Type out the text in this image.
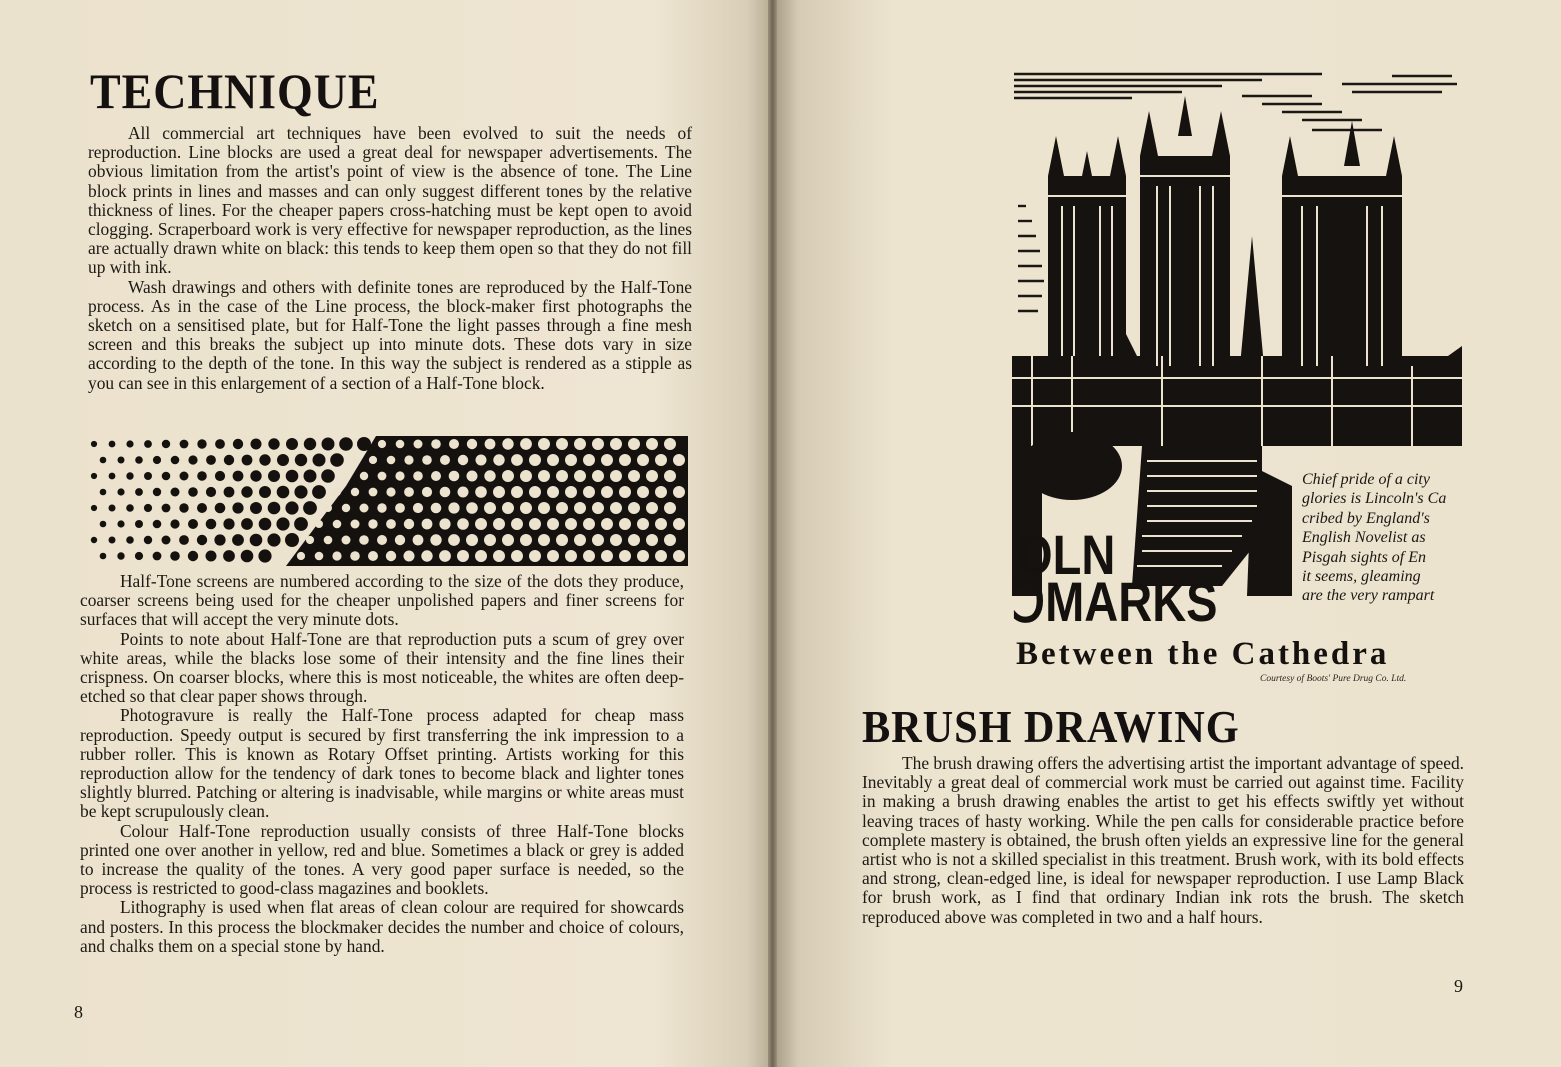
TECHNIQUE

All commercial art techniques have been evolved to suit the needs of reproduction. Line blocks are used a great deal for newspaper advertisements. The obvious limitation from the artist's point of view is the absence of tone. The Line block prints in lines and masses and can only suggest different tones by the relative thickness of lines. For the cheaper papers cross-hatching must be kept open to avoid clogging. Scraperboard work is very effective for newspaper reproduction, as the lines are actually drawn white on black: this tends to keep them open so that they do not fill up with ink.

Wash drawings and others with definite tones are reproduced by the Half-Tone process. As in the case of the Line process, the block-maker first photographs the sketch on a sensitised plate, but for Half-Tone the light passes through a fine mesh screen and this breaks the subject up into minute dots. These dots vary in size according to the depth of the tone. In this way the subject is rendered as a stipple as you can see in this enlargement of a section of a Half-Tone block.

Half-Tone screens are numbered according to the size of the dots they produce, coarser screens being used for the cheaper unpolished papers and finer screens for surfaces that will accept the very minute dots.

Points to note about Half-Tone are that reproduction puts a scum of grey over white areas, while the blacks lose some of their intensity and the fine lines their crispness. On coarser blocks, where this is most noticeable, the whites are often deep-etched so that clear paper shows through.

Photogravure is really the Half-Tone process adapted for cheap mass reproduction. Speedy output is secured by first transferring the ink impression to a rubber roller. This is known as Rotary Offset printing. Artists working for this reproduction allow for the tendency of dark tones to become black and lighter tones slightly blurred. Patching or altering is inadvisable, while margins or white areas must be kept scrupulously clean.

Colour Half-Tone reproduction usually consists of three Half-Tone blocks printed one over another in yellow, red and blue. Sometimes a black or grey is added to increase the quality of the tones. A very good paper surface is needed, so the process is restricted to good-class magazines and booklets.

Lithography is used when flat areas of clean colour are required for showcards and posters. In this process the blockmaker decides the number and choice of colours, and chalks them on a special stone by hand.

8
Chief pride of a city
glories is Lincoln's Ca
cribed by England's
English Novelist as
Pisgah sights of En
it seems, gleaming
are the very rampart
OLN
ↃMARKS
Between the Cathedra
Courtesy of Boots' Pure Drug Co. Ltd.
BRUSH DRAWING

The brush drawing offers the advertising artist the important advantage of speed. Inevitably a great deal of commercial work must be carried out against time. Facility in making a brush drawing enables the artist to get his effects swiftly yet without leaving traces of hasty working. While the pen calls for considerable practice before complete mastery is obtained, the brush often yields an expressive line for the general artist who is not a skilled specialist in this treatment. Brush work, with its bold effects and strong, clean-edged line, is ideal for newspaper reproduction. I use Lamp Black for brush work, as I find that ordinary Indian ink rots the brush. The sketch reproduced above was completed in two and a half hours.

9
